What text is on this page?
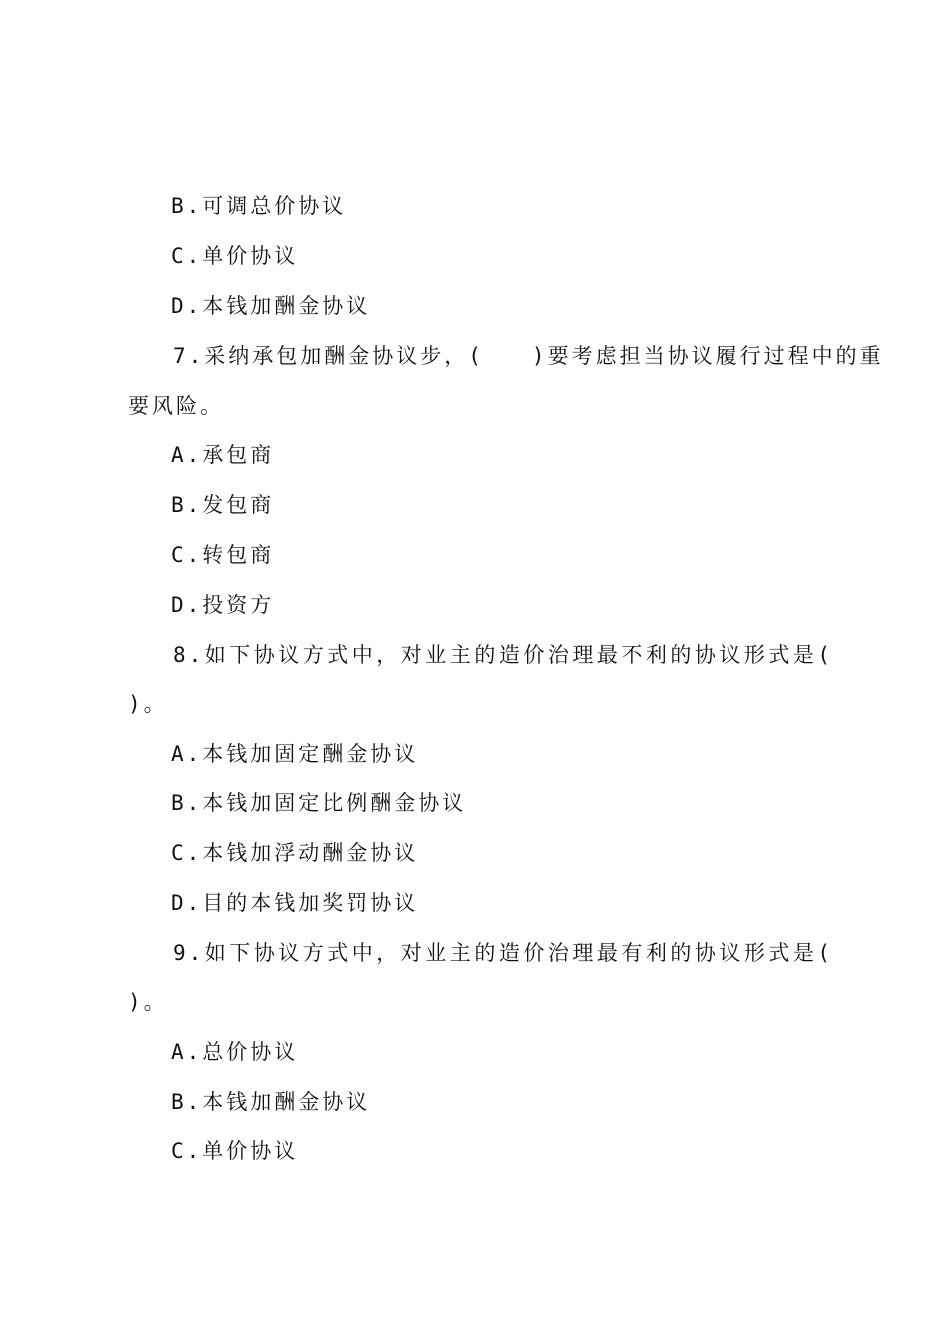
B.可调总价协议
C.单价协议
D.本钱加酬金协议
7.采纳承包加酬金协议步，(　　)要考虑担当协议履行过程中的重
要风险。
A.承包商
B.发包商
C.转包商
D.投资方
8.如下协议方式中，对业主的造价治理最不利的协议形式是(
)。
A.本钱加固定酬金协议
B.本钱加固定比例酬金协议
C.本钱加浮动酬金协议
D.目的本钱加奖罚协议
9.如下协议方式中，对业主的造价治理最有利的协议形式是(
)。
A.总价协议
B.本钱加酬金协议
C.单价协议
